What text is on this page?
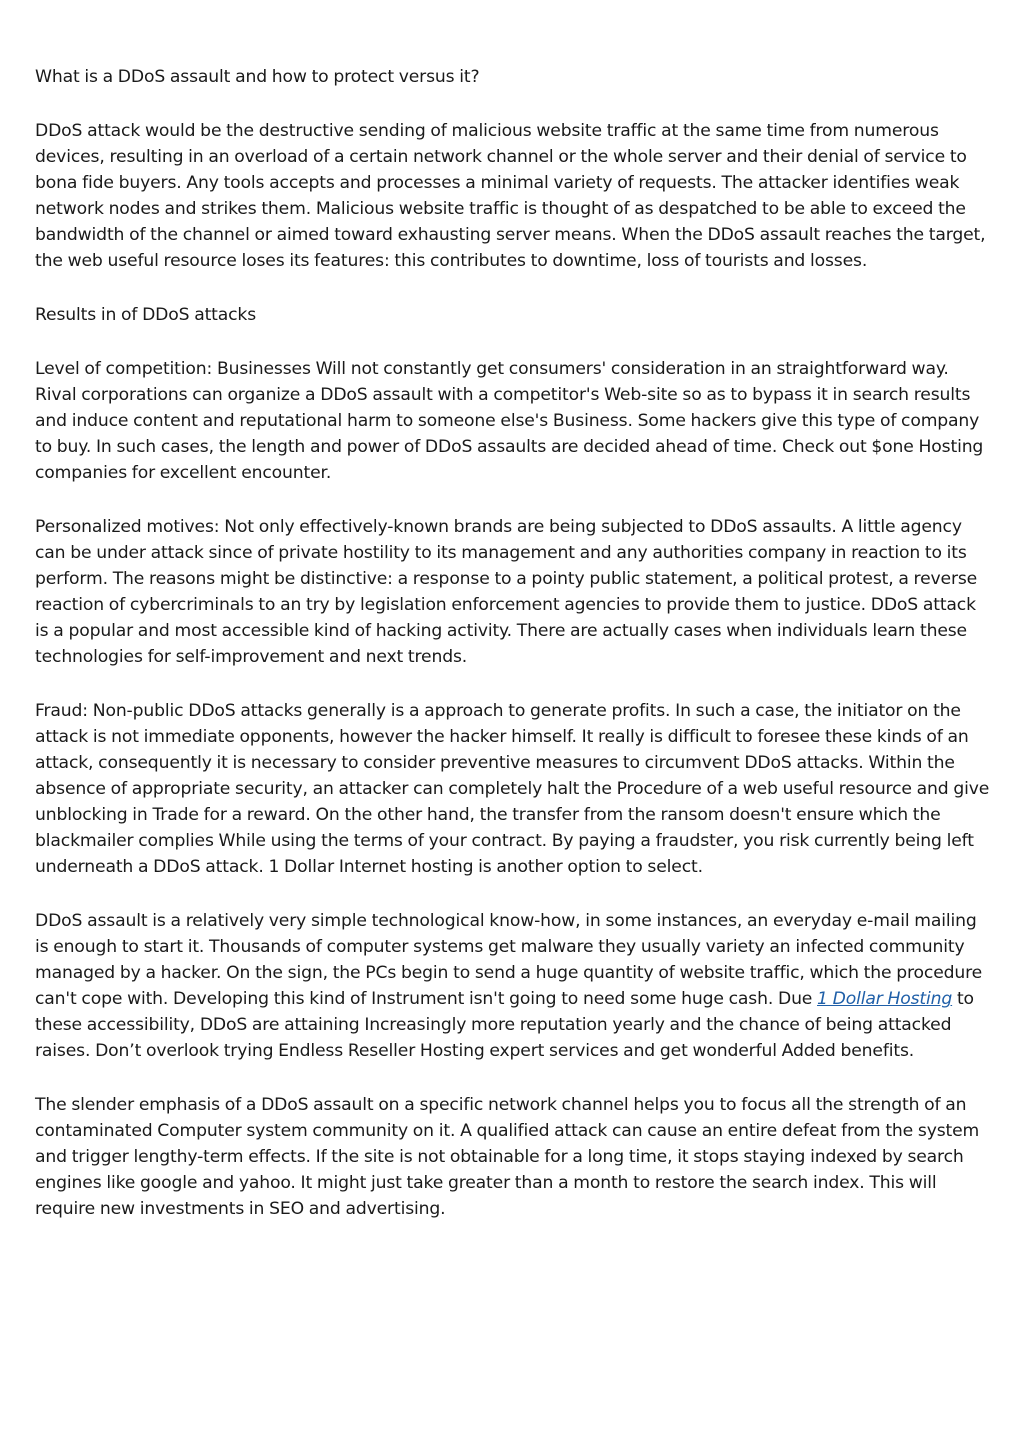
What is a DDoS assault and how to protect versus it?

DDoS attack would be the destructive sending of malicious website traffic at the same time from numerous devices, resulting in an overload of a certain network channel or the whole server and their denial of service to bona fide buyers. Any tools accepts and processes a minimal variety of requests. The attacker identifies weak network nodes and strikes them. Malicious website traffic is thought of as despatched to be able to exceed the bandwidth of the channel or aimed toward exhausting server means. When the DDoS assault reaches the target, the web useful resource loses its features: this contributes to downtime, loss of tourists and losses.

Results in of DDoS attacks

Level of competition: Businesses Will not constantly get consumers' consideration in an straightforward way. Rival corporations can organize a DDoS assault with a competitor's Web-site so as to bypass it in search results and induce content and reputational harm to someone else's Business. Some hackers give this type of company to buy. In such cases, the length and power of DDoS assaults are decided ahead of time. Check out $one Hosting companies for excellent encounter.

Personalized motives: Not only effectively-known brands are being subjected to DDoS assaults. A little agency can be under attack since of private hostility to its management and any authorities company in reaction to its perform. The reasons might be distinctive: a response to a pointy public statement, a political protest, a reverse reaction of cybercriminals to an try by legislation enforcement agencies to provide them to justice. DDoS attack is a popular and most accessible kind of hacking activity. There are actually cases when individuals learn these technologies for self-improvement and next trends.

Fraud: Non-public DDoS attacks generally is a approach to generate profits. In such a case, the initiator on the attack is not immediate opponents, however the hacker himself. It really is difficult to foresee these kinds of an attack, consequently it is necessary to consider preventive measures to circumvent DDoS attacks. Within the absence of appropriate security, an attacker can completely halt the Procedure of a web useful resource and give unblocking in Trade for a reward. On the other hand, the transfer from the ransom doesn't ensure which the blackmailer complies While using the terms of your contract. By paying a fraudster, you risk currently being left underneath a DDoS attack. 1 Dollar Internet hosting is another option to select.

DDoS assault is a relatively very simple technological know-how, in some instances, an everyday e-mail mailing is enough to start it. Thousands of computer systems get malware they usually variety an infected community managed by a hacker. On the sign, the PCs begin to send a huge quantity of website traffic, which the procedure can't cope with. Developing this kind of Instrument isn't going to need some huge cash. Due 1 Dollar Hosting to these accessibility, DDoS are attaining Increasingly more reputation yearly and the chance of being attacked raises. Don’t overlook trying Endless Reseller Hosting expert services and get wonderful Added benefits.

The slender emphasis of a DDoS assault on a specific network channel helps you to focus all the strength of an contaminated Computer system community on it. A qualified attack can cause an entire defeat from the system and trigger lengthy-term effects. If the site is not obtainable for a long time, it stops staying indexed by search engines like google and yahoo. It might just take greater than a month to restore the search index. This will require new investments in SEO and advertising.
